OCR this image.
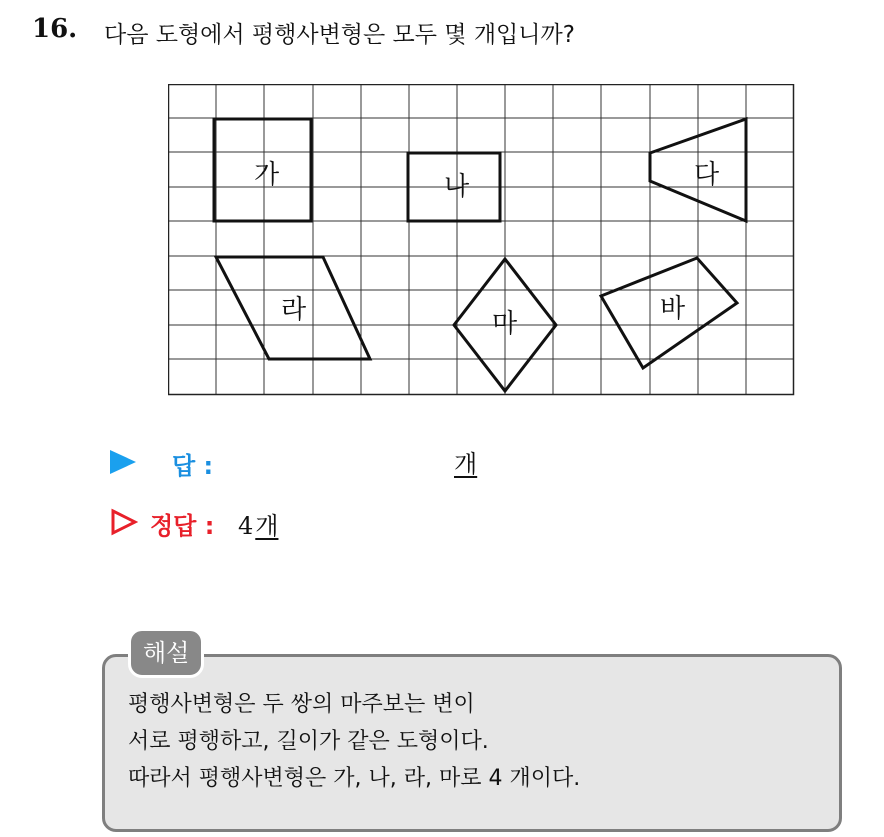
16. 다음 도형에서 평행사변형은 모두 몇 개입니까?
가	나	다
라	마	바
답 :	개
정답 : 4개
해설
평행사변형은 두 쌍의 마주보는 변이
서로 평행하고, 길이가 같은 도형이다.
따라서 평행사변형은 가, 나, 라, 마로 4 개이다.
